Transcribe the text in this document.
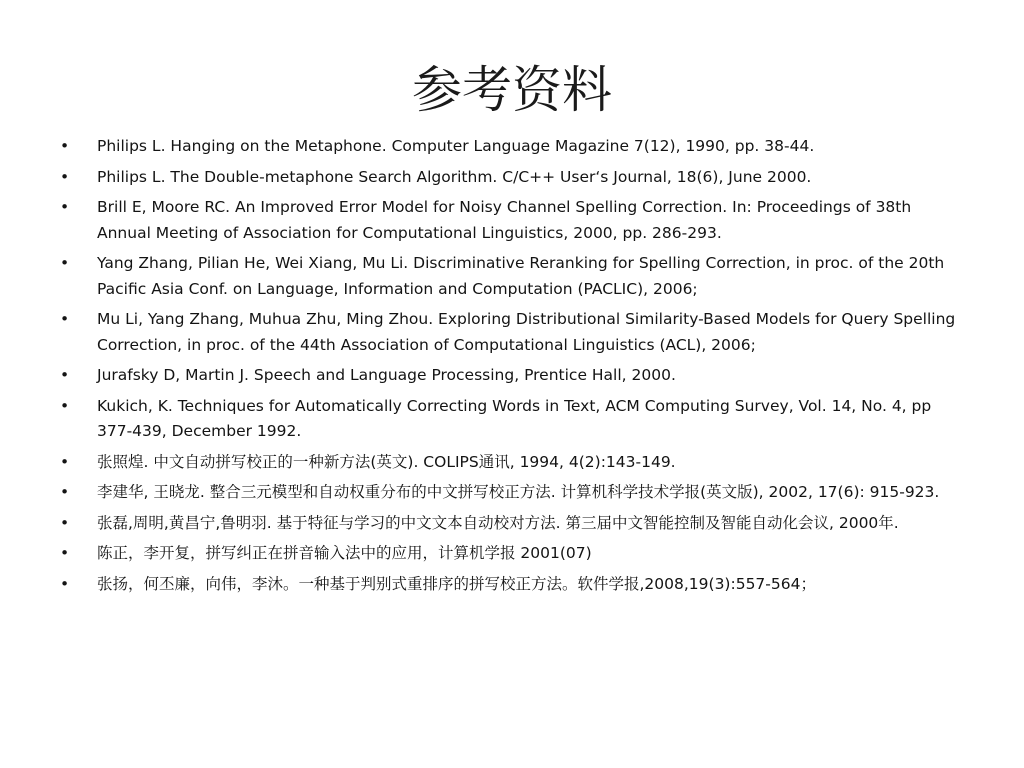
参考资料
•	Philips L. Hanging on the Metaphone. Computer Language Magazine 7(12), 1990, pp. 38-44.
•	Philips L. The Double-metaphone Search Algorithm. C/C++ User‘s Journal, 18(6), June 2000.
•	Brill E, Moore RC. An Improved Error Model for Noisy Channel Spelling Correction. In: Proceedings of 38th Annual Meeting of Association for Computational Linguistics, 2000, pp. 286-293.
•	Yang Zhang, Pilian He, Wei Xiang, Mu Li. Discriminative Reranking for Spelling Correction, in proc. of the 20th Pacific Asia Conf. on Language, Information and Computation (PACLIC), 2006;
•	Mu Li, Yang Zhang, Muhua Zhu, Ming Zhou. Exploring Distributional Similarity-Based Models for Query Spelling Correction, in proc. of the 44th Association of Computational Linguistics (ACL), 2006;
•	Jurafsky D, Martin J. Speech and Language Processing, Prentice Hall, 2000.
•	Kukich, K. Techniques for Automatically Correcting Words in Text, ACM Computing Survey, Vol. 14, No. 4, pp 377-439, December 1992.
•	张照煌. 中文自动拼写校正的一种新方法(英文). COLIPS通讯, 1994, 4(2):143-149.
•	李建华, 王晓龙. 整合三元模型和自动权重分布的中文拼写校正方法. 计算机科学技术学报(英文版), 2002, 17(6): 915-923.
•	张磊,周明,黄昌宁,鲁明羽. 基于特征与学习的中文文本自动校对方法. 第三届中文智能控制及智能自动化会议, 2000年.
•	陈正，李开复，拼写纠正在拼音输入法中的应用，计算机学报 2001(07)
•	张扬，何丕廉，向伟，李沐。一种基于判别式重排序的拼写校正方法。软件学报,2008,19(3):557-564；
